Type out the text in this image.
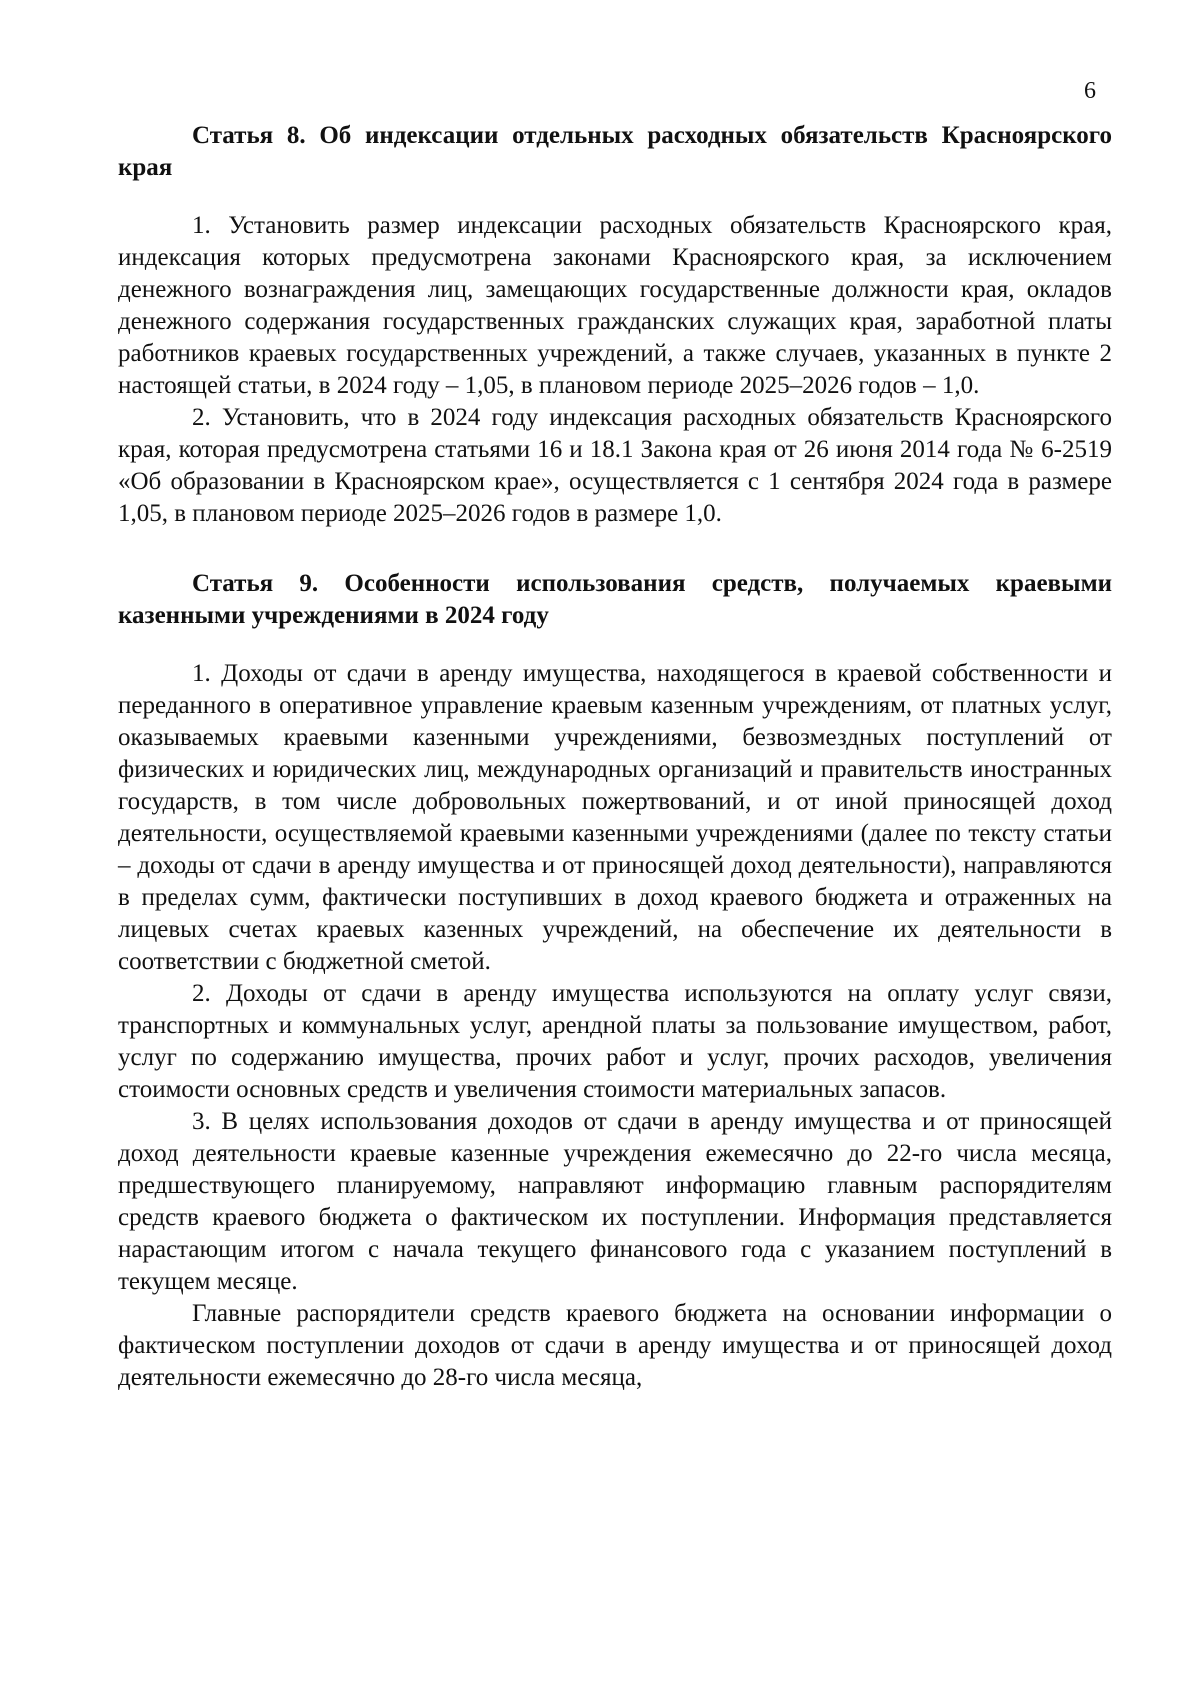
6

Статья 8. Об индексации отдельных расходных обязательств Красноярского края

1. Установить размер индексации расходных обязательств Красноярского края, индексация которых предусмотрена законами Красноярского края, за исключением денежного вознаграждения лиц, замещающих государственные должности края, окладов денежного содержания государственных гражданских служащих края, заработной платы работников краевых государственных учреждений, а также случаев, указанных в пункте 2 настоящей статьи, в 2024 году – 1,05, в плановом периоде 2025–2026 годов – 1,0.

2. Установить, что в 2024 году индексация расходных обязательств Красноярского края, которая предусмотрена статьями 16 и 18.1 Закона края от 26 июня 2014 года № 6-2519 «Об образовании в Красноярском крае», осуществляется с 1 сентября 2024 года в размере 1,05, в плановом периоде 2025–2026 годов в размере 1,0.

Статья 9. Особенности использования средств, получаемых краевыми казенными учреждениями в 2024 году

1. Доходы от сдачи в аренду имущества, находящегося в краевой собственности и переданного в оперативное управление краевым казенным учреждениям, от платных услуг, оказываемых краевыми казенными учреждениями, безвозмездных поступлений от физических и юридических лиц, международных организаций и правительств иностранных государств, в том числе добровольных пожертвований, и от иной приносящей доход деятельности, осуществляемой краевыми казенными учреждениями (далее по тексту статьи – доходы от сдачи в аренду имущества и от приносящей доход деятельности), направляются в пределах сумм, фактически поступивших в доход краевого бюджета и отраженных на лицевых счетах краевых казенных учреждений, на обеспечение их деятельности в соответствии с бюджетной сметой.

2. Доходы от сдачи в аренду имущества используются на оплату услуг связи, транспортных и коммунальных услуг, арендной платы за пользование имуществом, работ, услуг по содержанию имущества, прочих работ и услуг, прочих расходов, увеличения стоимости основных средств и увеличения стоимости материальных запасов.

3. В целях использования доходов от сдачи в аренду имущества и от приносящей доход деятельности краевые казенные учреждения ежемесячно до 22-го числа месяца, предшествующего планируемому, направляют информацию главным распорядителям средств краевого бюджета о фактическом их поступлении. Информация представляется нарастающим итогом с начала текущего финансового года с указанием поступлений в текущем месяце.

Главные распорядители средств краевого бюджета на основании информации о фактическом поступлении доходов от сдачи в аренду имущества и от приносящей доход деятельности ежемесячно до 28-го числа месяца,
